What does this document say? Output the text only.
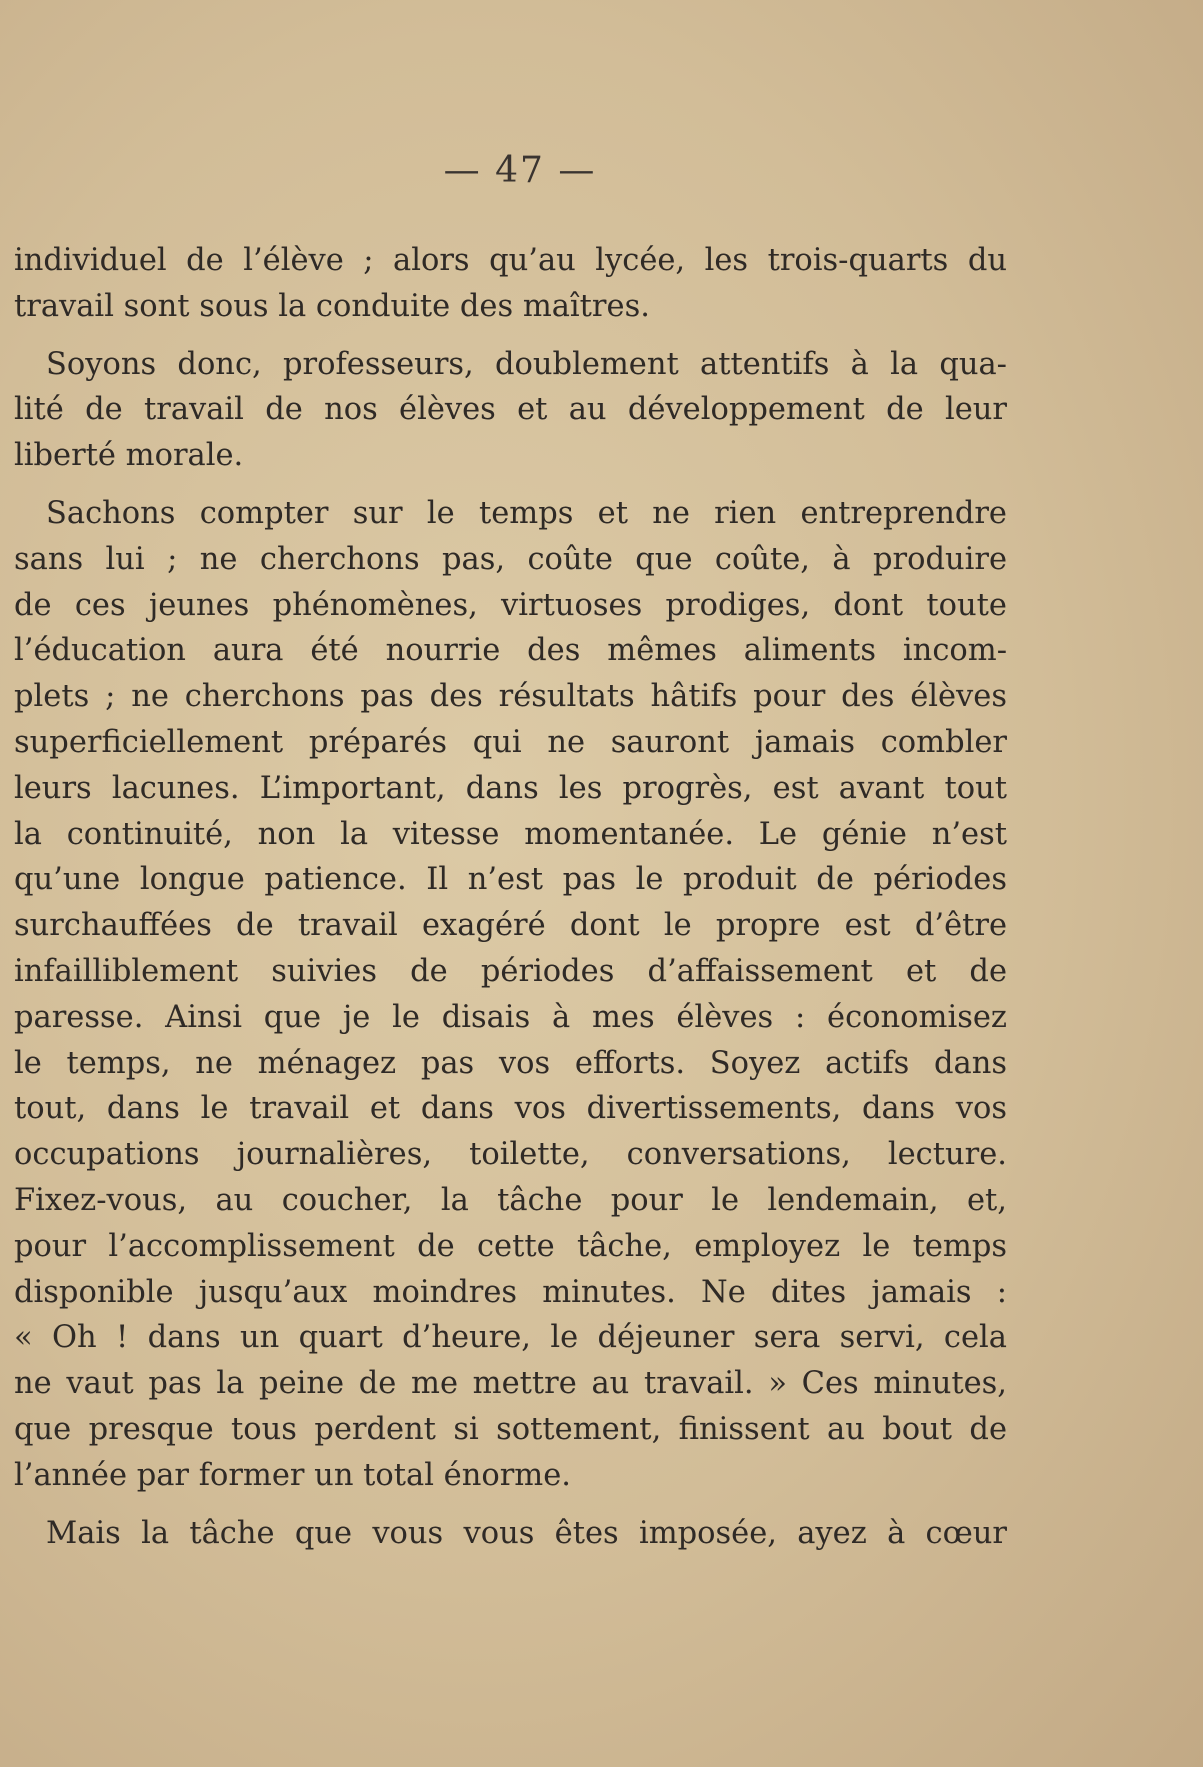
— 47 —

individuel de l’élève ; alors qu’au lycée, les trois-quarts du

travail sont sous la conduite des maîtres.

Soyons donc, professeurs, doublement attentifs à la qua-

lité de travail de nos élèves et au développement de leur

liberté morale.

Sachons compter sur le temps et ne rien entreprendre

sans lui ; ne cherchons pas, coûte que coûte, à produire

de ces jeunes phénomènes, virtuoses prodiges, dont toute

l’éducation aura été nourrie des mêmes aliments incom-

plets ; ne cherchons pas des résultats hâtifs pour des élèves

superficiellement préparés qui ne sauront jamais combler

leurs lacunes. L’important, dans les progrès, est avant tout

la continuité, non la vitesse momentanée. Le génie n’est

qu’une longue patience. Il n’est pas le produit de périodes

surchauffées de travail exagéré dont le propre est d’être

infailliblement suivies de périodes d’affaissement et de

paresse. Ainsi que je le disais à mes élèves : économisez

le temps, ne ménagez pas vos efforts. Soyez actifs dans

tout, dans le travail et dans vos divertissements, dans vos

occupations journalières, toilette, conversations, lecture.

Fixez-vous, au coucher, la tâche pour le lendemain, et,

pour l’accomplissement de cette tâche, employez le temps

disponible jusqu’aux moindres minutes. Ne dites jamais :

« Oh ! dans un quart d’heure, le déjeuner sera servi, cela

ne vaut pas la peine de me mettre au travail. » Ces minutes,

que presque tous perdent si sottement, finissent au bout de

l’année par former un total énorme.

Mais la tâche que vous vous êtes imposée, ayez à cœur
